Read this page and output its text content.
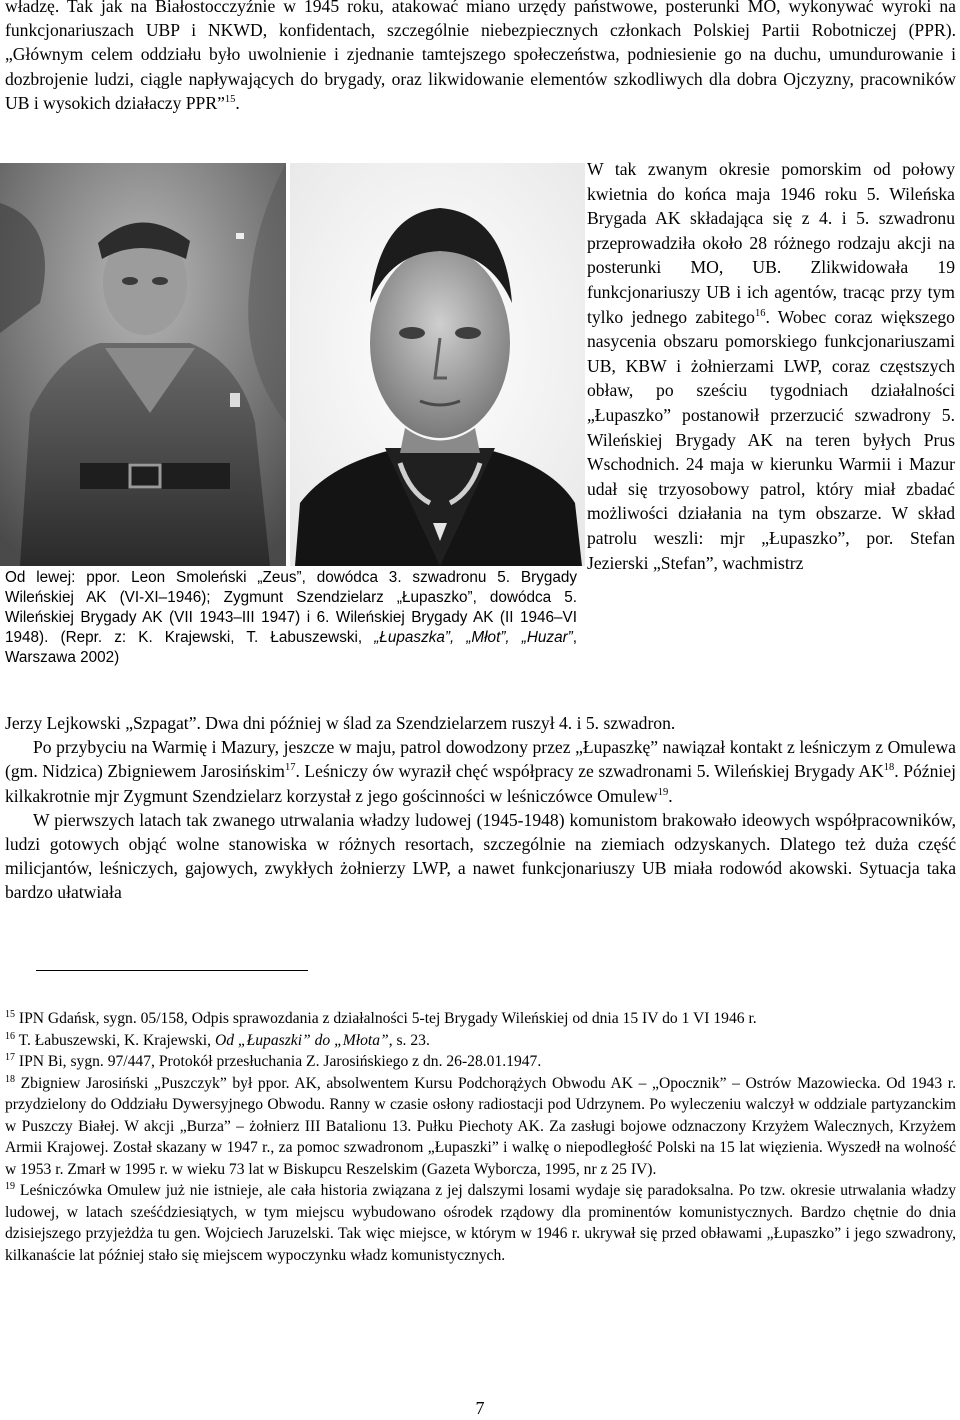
władzę. Tak jak na Białostocczyźnie w 1945 roku, atakować miano urzędy państwowe, posterunki MO, wykonywać wyroki na funkcjonariuszach UBP i NKWD, konfidentach, szczególnie niebezpiecznych członkach Polskiej Partii Robotniczej (PPR). „Głównym celem oddziału było uwolnienie i zjednanie tamtejszego społeczeństwa, podniesienie go na duchu, umundurowanie i dozbrojenie ludzi, ciągle napływających do brygady, oraz likwidowanie elementów szkodliwych dla dobra Ojczyzny, pracowników UB i wysokich działaczy PPR”$^{15}$.
W tak zwanym okresie pomorskim od połowy kwietnia do końca maja 1946 roku 5. Wileńska Brygada AK składająca się z 4. i 5. szwadronu przeprowadziła około 28 różnego rodzaju akcji na posterunki MO, UB. Zlikwidowała 19 funkcjonariuszy UB i ich agentów, tracąc przy tym tylko jednego zabitego$^{16}$. Wobec coraz większego nasycenia obszaru pomorskiego funkcjonariuszami UB, KBW i żołnierzami LWP, coraz częstszych obław, po sześciu tygodniach działalności „Łupaszko” postanowił przerzucić szwadrony 5. Wileńskiej Brygady AK na teren byłych Prus Wschodnich. 24 maja w kierunku Warmii i Mazur udał się trzyosobowy patrol, który miał zbadać możliwości działania na tym obszarze. W skład patrolu weszli: mjr „Łupaszko”, por. Stefan Jezierski „Stefan”, wachmistrz
Od lewej: ppor. Leon Smoleński „Zeus”, dowódca 3. szwadronu 5. Brygady Wileńskiej AK (VI-XI–1946); Zygmunt Szendzielarz „Łupaszko”, dowódca 5. Wileńskiej Brygady AK (VII 1943–III 1947) i 6. Wileńskiej Brygady AK (II 1946–VI 1948). (Repr. z: K. Krajewski, T. Łabuszewski, „Łupaszka”, „Młot”, „Huzar”, Warszawa 2002)
Jerzy Lejkowski „Szpagat”. Dwa dni później w ślad za Szendzielarzem ruszył 4. i 5. szwadron.
Po przybyciu na Warmię i Mazury, jeszcze w maju, patrol dowodzony przez „Łupaszkę” nawiązał kontakt z leśniczym z Omulewa (gm. Nidzica) Zbigniewem Jarosińskim$^{17}$. Leśniczy ów wyraził chęć współpracy ze szwadronami 5. Wileńskiej Brygady AK$^{18}$. Później kilkakrotnie mjr Zygmunt Szendzielarz korzystał z jego gościnności w leśniczówce Omulew$^{19}$.
W pierwszych latach tak zwanego utrwalania władzy ludowej (1945-1948) komunistom brakowało ideowych współpracowników, ludzi gotowych objąć wolne stanowiska w różnych resortach, szczególnie na ziemiach odzyskanych. Dlatego też duża część milicjantów, leśniczych, gajowych, zwykłych żołnierzy LWP, a nawet funkcjonariuszy UB miała rodowód akowski. Sytuacja taka bardzo ułatwiała
$^{15}$ IPN Gdańsk, sygn. 05/158, Odpis sprawozdania z działalności 5-tej Brygady Wileńskiej od dnia 15 IV do 1 VI 1946 r.
$^{16}$ T. Łabuszewski, K. Krajewski, Od „Łupaszki” do „Młota”, s. 23.
$^{17}$ IPN Bi, sygn. 97/447, Protokół przesłuchania Z. Jarosińskiego z dn. 26-28.01.1947.
$^{18}$ Zbigniew Jarosiński „Puszczyk” był ppor. AK, absolwentem Kursu Podchorążych Obwodu AK – „Opocznik” – Ostrów Mazowiecka. Od 1943 r. przydzielony do Oddziału Dywersyjnego Obwodu. Ranny w czasie osłony radiostacji pod Udrzynem. Po wyleczeniu walczył w oddziale partyzanckim w Puszczy Białej. W akcji „Burza” – żołnierz III Batalionu 13. Pułku Piechoty AK. Za zasługi bojowe odznaczony Krzyżem Walecznych, Krzyżem Armii Krajowej. Został skazany w 1947 r., za pomoc szwadronom „Łupaszki” i walkę o niepodległość Polski na 15 lat więzienia. Wyszedł na wolność w 1953 r. Zmarł w 1995 r. w wieku 73 lat w Biskupcu Reszelskim (Gazeta Wyborcza, 1995, nr z 25 IV).
$^{19}$ Leśniczówka Omulew już nie istnieje, ale cała historia związana z jej dalszymi losami wydaje się paradoksalna. Po tzw. okresie utrwalania władzy ludowej, w latach sześćdziesiątych, w tym miejscu wybudowano ośrodek rządowy dla prominentów komunistycznych. Bardzo chętnie do dnia dzisiejszego przyjeżdża tu gen. Wojciech Jaruzelski. Tak więc miejsce, w którym w 1946 r. ukrywał się przed obławami „Łupaszko” i jego szwadrony, kilkanaście lat później stało się miejscem wypoczynku władz komunistycznych.
7
